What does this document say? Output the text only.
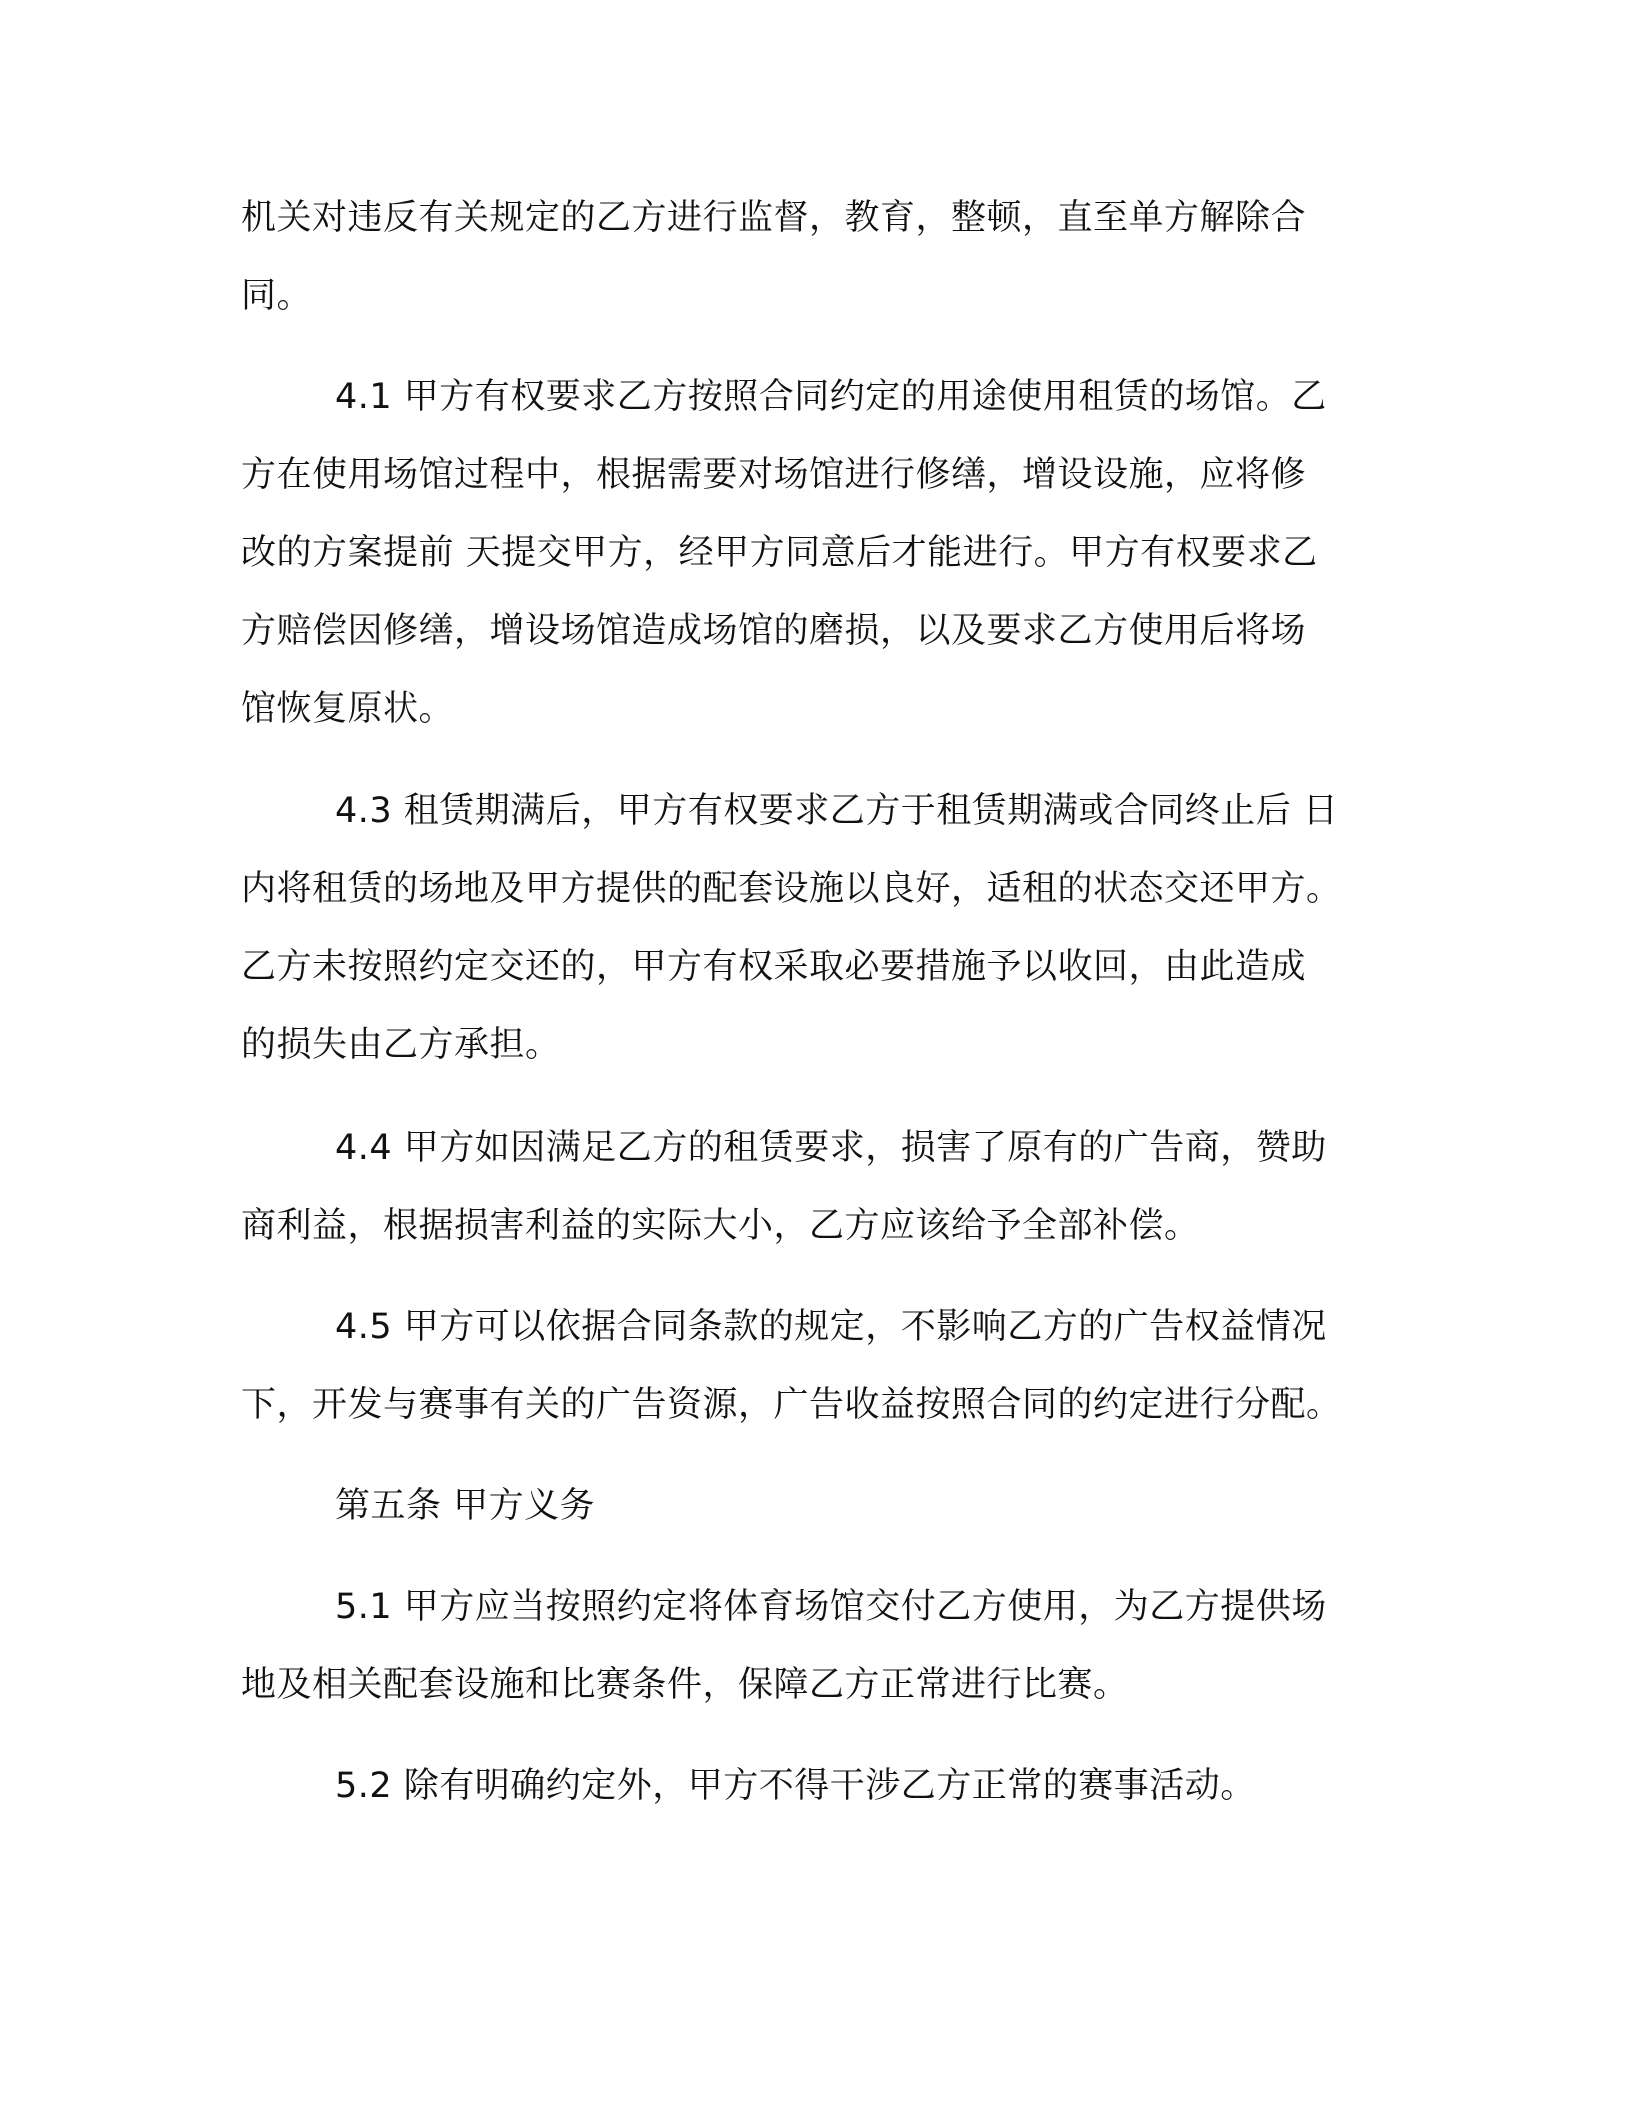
机关对违反有关规定的乙方进行监督，教育，整顿，直至单方解除合
同。
4.1 甲方有权要求乙方按照合同约定的用途使用租赁的场馆。乙
方在使用场馆过程中，根据需要对场馆进行修缮，增设设施，应将修
改的方案提前 天提交甲方，经甲方同意后才能进行。甲方有权要求乙
方赔偿因修缮，增设场馆造成场馆的磨损，以及要求乙方使用后将场
馆恢复原状。
4.3 租赁期满后，甲方有权要求乙方于租赁期满或合同终止后 日
内将租赁的场地及甲方提供的配套设施以良好，适租的状态交还甲方。
乙方未按照约定交还的，甲方有权采取必要措施予以收回，由此造成
的损失由乙方承担。
4.4 甲方如因满足乙方的租赁要求，损害了原有的广告商，赞助
商利益，根据损害利益的实际大小，乙方应该给予全部补偿。
4.5 甲方可以依据合同条款的规定，不影响乙方的广告权益情况
下，开发与赛事有关的广告资源，广告收益按照合同的约定进行分配。
第五条 甲方义务
5.1 甲方应当按照约定将体育场馆交付乙方使用，为乙方提供场
地及相关配套设施和比赛条件，保障乙方正常进行比赛。
5.2 除有明确约定外，甲方不得干涉乙方正常的赛事活动。
